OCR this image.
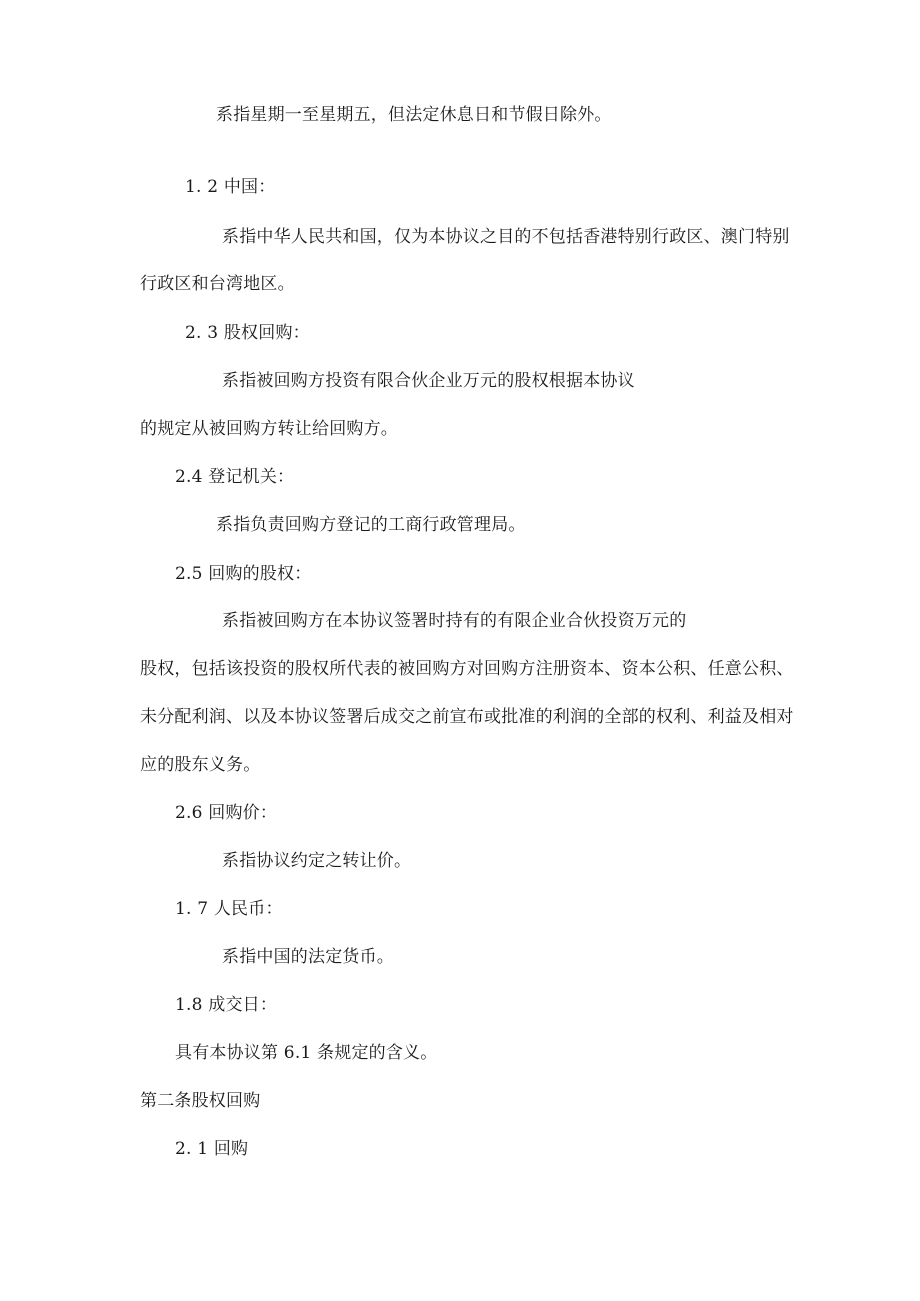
系指星期一至星期五，但法定休息日和节假日除外。
1. 2 中国：
系指中华人民共和国，仅为本协议之目的不包括香港特别行政区、澳门特别
行政区和台湾地区。
2. 3 股权回购：
系指被回购方投资有限合伙企业万元的股权根据本协议
的规定从被回购方转让给回购方。
2.4 登记机关：
系指负责回购方登记的工商行政管理局。
2.5 回购的股权：
系指被回购方在本协议签署时持有的有限企业合伙投资万元的
股权，包括该投资的股权所代表的被回购方对回购方注册资本、资本公积、任意公积、
未分配利润、以及本协议签署后成交之前宣布或批准的利润的全部的权利、利益及相对
应的股东义务。
2.6 回购价：
系指协议约定之转让价。
1. 7 人民币：
系指中国的法定货币。
1.8 成交日：
具有本协议第 6.1 条规定的含义。
第二条股权回购
2. 1 回购
